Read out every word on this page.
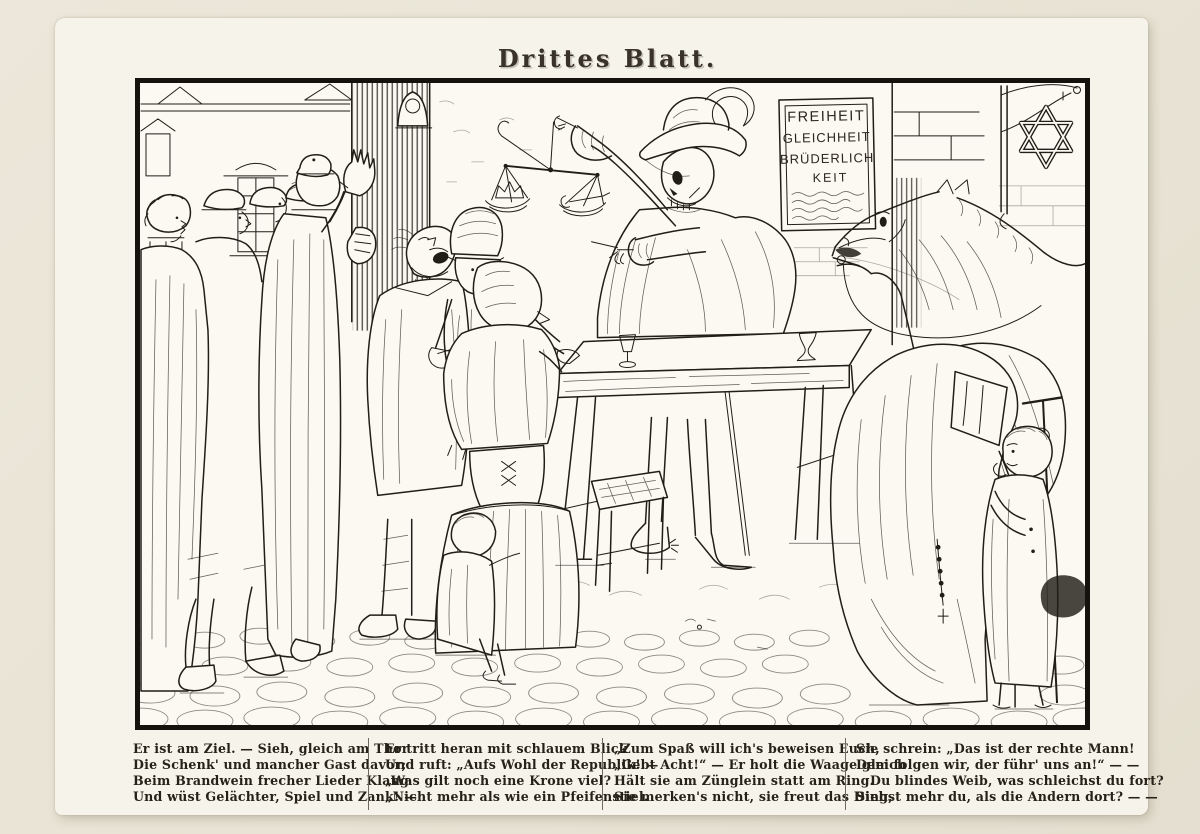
Drittes Blatt.
FREIHEIT
GLEICHHEIT
BRÜDERLICH
KEIT
Er ist am Ziel. — Sieh, gleich am Thor
Die Schenk' und mancher Gast davor;
Beim Brandwein frecher Lieder Klang
Und wüst Gelächter, Spiel und Zank! —
Er tritt heran mit schlauem Blick
Und ruft: „Aufs Wohl der Republik! —
„Was gilt noch eine Krone viel?
„Nicht mehr als wie ein Pfeifenstiel.
„Zum Spaß will ich's beweisen Euch,
„Gebt Acht!“ — Er holt die Waage gleich
Hält sie am Zünglein statt am Ring.
Sie merken's nicht, sie freut das Ding,
Sie schrein: „Das ist der rechte Mann!
Dem folgen wir, der führ' uns an!“ — —
Du blindes Weib, was schleichst du fort?
Siehst mehr du, als die Andern dort? — —
